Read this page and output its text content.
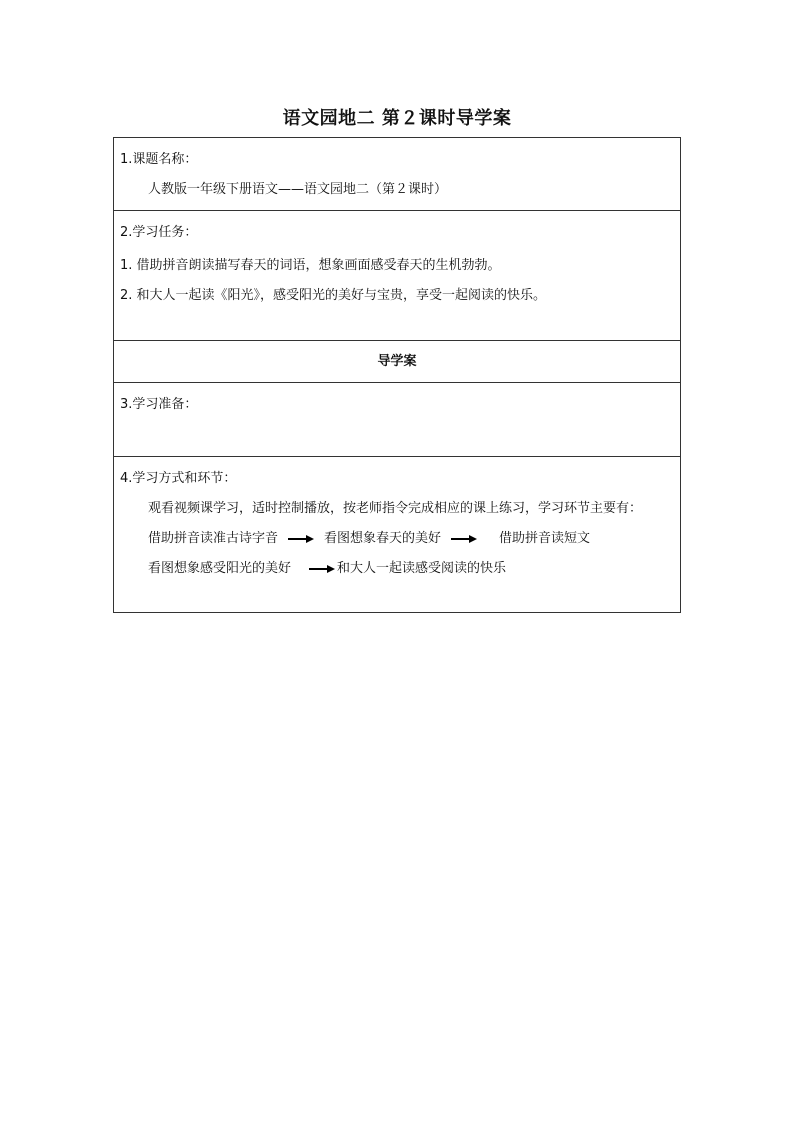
语文园地二 第２课时导学案
1.课题名称：
人教版一年级下册语文——语文园地二（第２课时）

2.学习任务：
1. 借助拼音朗读描写春天的词语，想象画面感受春天的生机勃勃。
2. 和大人一起读《阳光》，感受阳光的美好与宝贵，享受一起阅读的快乐。

导学案

3.学习准备：

4.学习方式和环节：
观看视频课学习，适时控制播放，按老师指令完成相应的课上练习，学习环节主要有：
借助拼音读准古诗字音	看图想象春天的美好	借助拼音读短文
看图想象感受阳光的美好	和大人一起读感受阅读的快乐
